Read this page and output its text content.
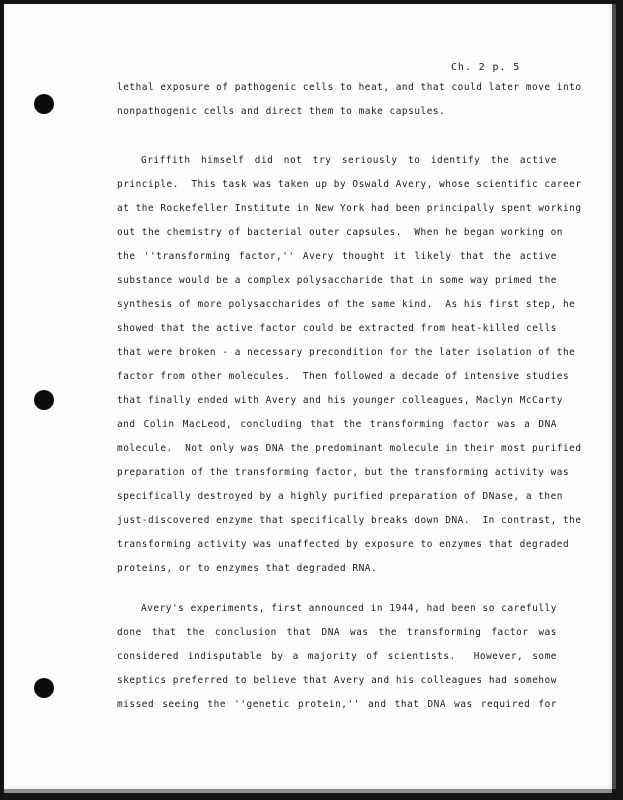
Ch. 2 p. 5
lethal exposure of pathogenic cells to heat, and that could later move into
nonpathogenic cells and direct them to make capsules.
Griffith himself did not try seriously to identify the active
principle.  This task was taken up by Oswald Avery, whose scientific career
at the Rockefeller Institute in New York had been principally spent working
out the chemistry of bacterial outer capsules.  When he began working on
the ''transforming factor,'' Avery thought it likely that the active
substance would be a complex polysaccharide that in some way primed the
synthesis of more polysaccharides of the same kind.  As his first step, he
showed that the active factor could be extracted from heat-killed cells
that were broken - a necessary precondition for the later isolation of the
factor from other molecules.  Then followed a decade of intensive studies
that finally ended with Avery and his younger colleagues, Maclyn McCarty
and Colin MacLeod, concluding that the transforming factor was a DNA
molecule.  Not only was DNA the predominant molecule in their most purified
preparation of the transforming factor, but the transforming activity was
specifically destroyed by a highly purified preparation of DNase, a then
just-discovered enzyme that specifically breaks down DNA.  In contrast, the
transforming activity was unaffected by exposure to enzymes that degraded
proteins, or to enzymes that degraded RNA.
Avery's experiments, first announced in 1944, had been so carefully
done that the conclusion that DNA was the transforming factor was
considered indisputable by a majority of scientists.  However, some
skeptics preferred to believe that Avery and his colleagues had somehow
missed seeing the ''genetic protein,'' and that DNA was required for
